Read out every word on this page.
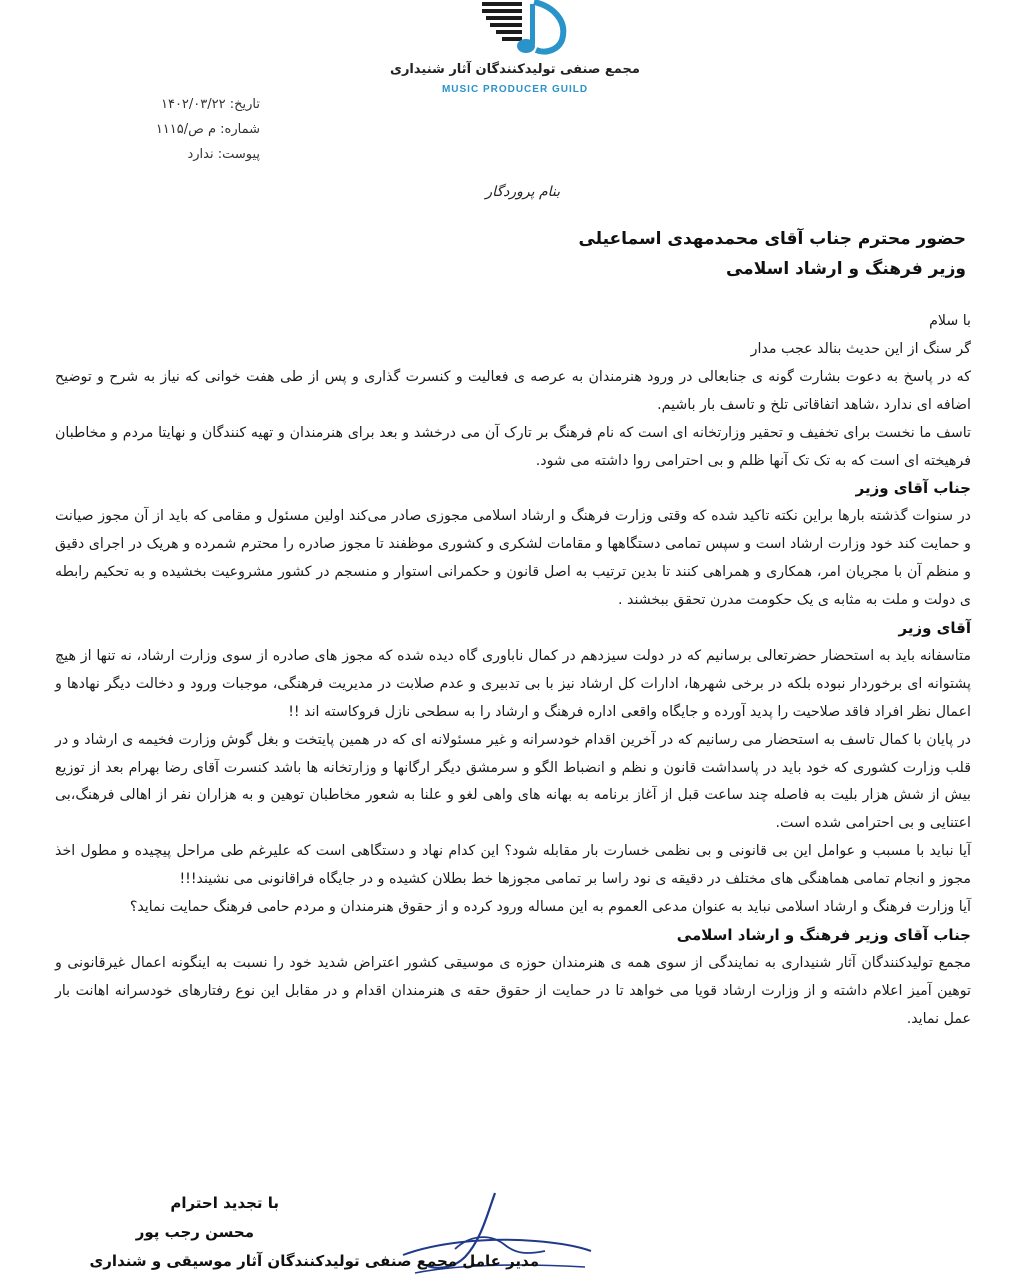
مجمع صنفی تولیدکنندگان آثار شنیداری
MUSIC PRODUCER GUILD
تاریخ: ۱۴۰۲/۰۳/۲۲
شماره: م ص/۱۱۱۵
پیوست: ندارد
بنام پروردگار
حضور محترم جناب آقای محمدمهدی اسماعیلی
وزیر فرهنگ و ارشاد اسلامی

با سلام

گر سنگ از این حدیث بنالد عجب مدار

که در پاسخ به دعوت بشارت گونه ی جنابعالی در ورود هنرمندان به عرصه ی فعالیت و کنسرت گذاری و پس از طی هفت خوانی که نیاز به شرح و توضیح اضافه ای ندارد ،شاهد اتفاقاتی تلخ و تاسف بار باشیم.

تاسف ما نخست برای تخفیف و تحقیر وزارتخانه ای است که نام فرهنگ بر تارک آن می درخشد و بعد برای هنرمندان و تهیه کنندگان و نهایتا مردم و مخاطبان فرهیخته ای است که به تک تک آنها ظلم و بی احترامی روا داشته می شود.

جناب آقای وزیر

در سنوات گذشته بارها براین نکته تاکید شده که وقتی وزارت فرهنگ و ارشاد اسلامی مجوزی صادر می‌کند اولین مسئول و مقامی که باید از آن مجوز صیانت و حمایت کند خود وزارت ارشاد است و سپس تمامی دستگاهها و مقامات لشکری و کشوری موظفند تا مجوز صادره را محترم شمرده و هریک در اجرای دقیق و منظم آن با مجریان امر، همکاری و همراهی کنند تا بدین ترتیب به اصل قانون و حکمرانی استوار و منسجم در کشور مشروعیت بخشیده و به تحکیم رابطه ی دولت و ملت به مثابه ی یک حکومت مدرن تحقق ببخشند .

آقای وزیر

متاسفانه باید به استحضار حضرتعالی برسانیم که در دولت سیزدهم در کمال ناباوری گاه دیده شده که مجوز های صادره از سوی وزارت ارشاد، نه تنها از هیچ پشتوانه ای برخوردار نبوده بلکه در برخی شهرها، ادارات کل ارشاد نیز با بی تدبیری و عدم صلابت در مدیریت فرهنگی، موجبات ورود و دخالت دیگر نهادها و اعمال نظر افراد فاقد صلاحیت را پدید آورده و جایگاه واقعی اداره فرهنگ و ارشاد را به سطحی نازل فروکاسته اند !!

در پایان با کمال تاسف به استحضار می رسانیم که در آخرین اقدام خودسرانه و غیر مسئولانه ای که در همین پایتخت و بغل گوش وزارت فخیمه ی ارشاد و در قلب وزارت کشوری که خود باید در پاسداشت قانون و نظم و انضباط الگو و سرمشق دیگر ارگانها و وزارتخانه ها باشد کنسرت آقای رضا بهرام بعد از توزیع بیش از شش هزار بلیت به فاصله چند ساعت قبل از آغاز برنامه به بهانه های واهی لغو و علنا به شعور مخاطبان توهین و به هزاران نفر از اهالی فرهنگ،بی اعتنایی و بی احترامی شده است.

آیا نباید با مسبب و عوامل این بی قانونی و بی نظمی خسارت بار مقابله شود؟ این کدام نهاد و دستگاهی است که علیرغم طی مراحل پیچیده و مطول اخذ مجوز و انجام تمامی هماهنگی های مختلف در دقیقه ی نود راسا بر تمامی مجوزها خط بطلان کشیده و در جایگاه فراقانونی می نشیند!!!

آیا وزارت فرهنگ و ارشاد اسلامی نباید به عنوان مدعی العموم به این مساله ورود کرده و از حقوق هنرمندان و مردم حامی فرهنگ حمایت نماید؟

جناب آقای وزیر فرهنگ و ارشاد اسلامی

مجمع تولیدکنندگان آثار شنیداری به نمایندگی از سوی همه ی هنرمندان حوزه ی موسیقی کشور اعتراض شدید خود را نسبت به اینگونه اعمال غیرقانونی و توهین آمیز اعلام داشته و از وزارت ارشاد قویا می خواهد تا در حمایت از حقوق حقه ی هنرمندان اقدام و در مقابل این نوع رفتارهای خودسرانه اهانت بار عمل نماید.

با تجدید احترام
محسن رجب پور
مدیر عامل مجمع صنفی تولیدکنندگان آثار موسیقی و شنداری
